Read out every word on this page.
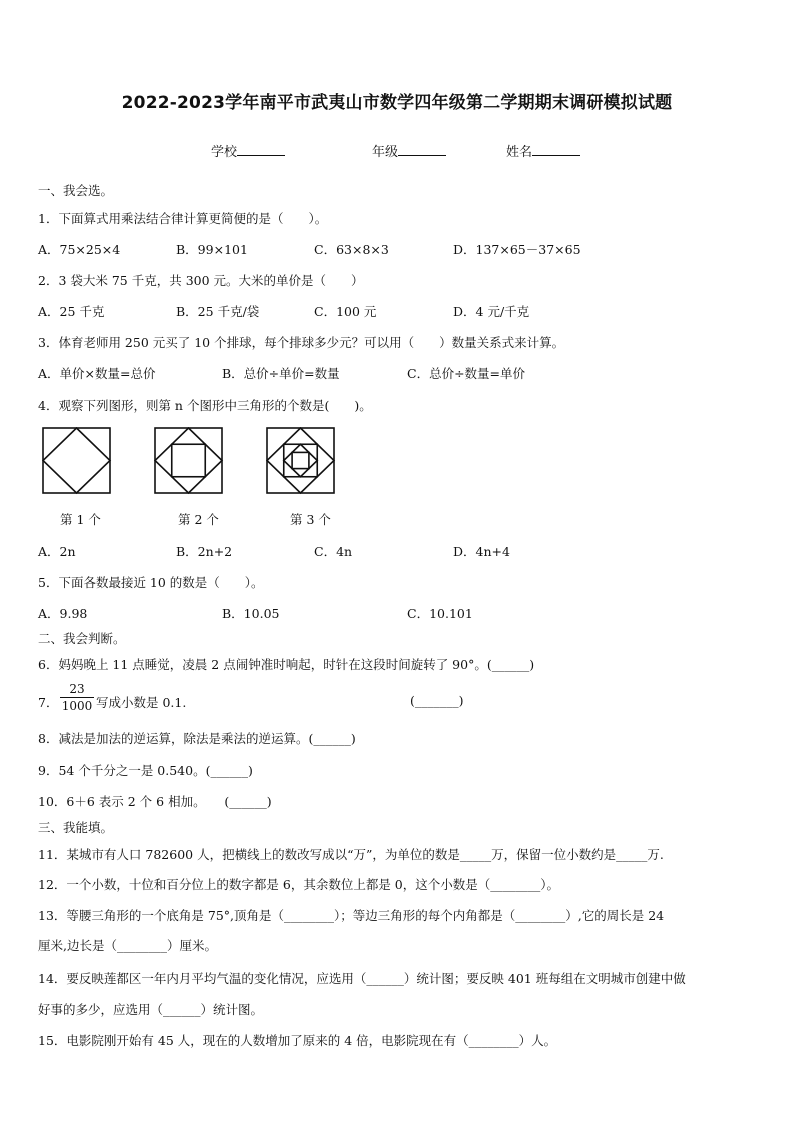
2022-2023学年南平市武夷山市数学四年级第二学期期末调研模拟试题
学校	年级	姓名
一、我会选。
1．下面算式用乘法结合律计算更简便的是（　　）。
A．75×25×4	B．99×101	C．63×8×3	D．137×65－37×65
2．3 袋大米 75 千克，共 300 元。大米的单价是（　　）
A．25 千克	B．25 千克/袋	C．100 元	D．4 元/千克
3．体育老师用 250 元买了 10 个排球，每个排球多少元？可以用（　　）数量关系式来计算。
A．单价×数量=总价	B．总价÷单价=数量	C．总价÷数量=单价
4．观察下列图形，则第 n 个图形中三角形的个数是(　　)。
第 1 个	第 2 个	第 3 个
A．2n	B．2n+2	C．4n	D．4n+4
5．下面各数最接近 10 的数是（　　）。
A．9.98	B．10.05	C．10.101
二、我会判断。
6．妈妈晚上 11 点睡觉，凌晨 2 点闹钟准时响起，时针在这段时间旋转了 90°。(______)
7． $\frac{23}{1000}$ 写成小数是 0.1.	(_______)
8．减法是加法的逆运算，除法是乘法的逆运算。(______)
9．54 个千分之一是 0.540。(______)
10．6＋6 表示 2 个 6 相加。　　(______)
三、我能填。
11．某城市有人口 782600 人，把横线上的数改写成以“万”，为单位的数是_____万，保留一位小数约是_____万.
12．一个小数，十位和百分位上的数字都是 6，其余数位上都是 0，这个小数是（________）。
13．等腰三角形的一个底角是 75°,顶角是（________）；等边三角形的每个内角都是（________）,它的周长是 24
厘米,边长是（________）厘米。
14．要反映莲都区一年内月平均气温的变化情况，应选用（______）统计图；要反映 401 班每组在文明城市创建中做
好事的多少，应选用（______）统计图。
15．电影院刚开始有 45 人，现在的人数增加了原来的 4 倍，电影院现在有（________）人。
